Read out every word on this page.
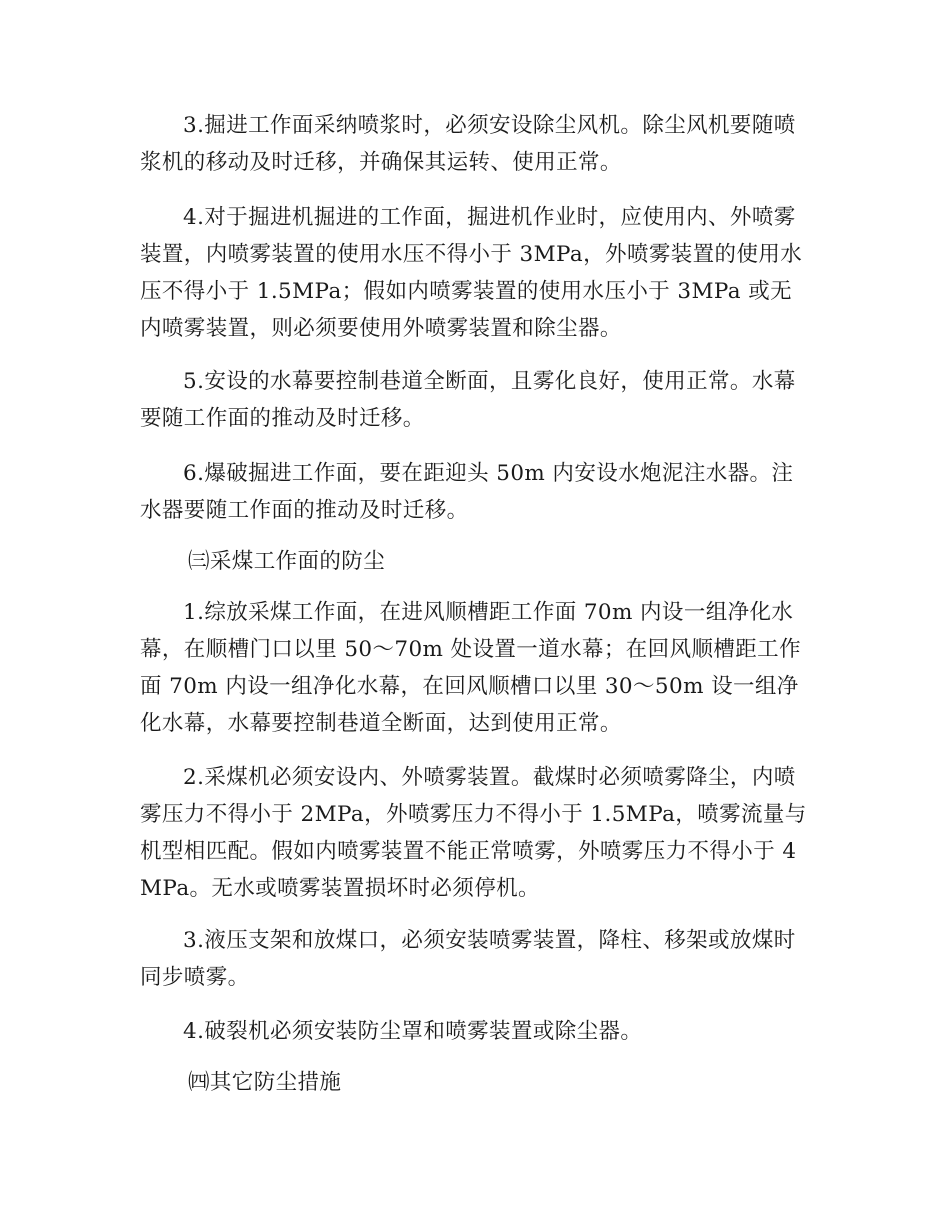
3.掘进工作面采纳喷浆时，必须安设除尘风机。除尘风机要随喷浆机的移动及时迁移，并确保其运转、使用正常。

4.对于掘进机掘进的工作面，掘进机作业时，应使用内、外喷雾装置，内喷雾装置的使用水压不得小于 3MPa，外喷雾装置的使用水压不得小于 1.5MPa；假如内喷雾装置的使用水压小于 3MPa 或无内喷雾装置，则必须要使用外喷雾装置和除尘器。

5.安设的水幕要控制巷道全断面，且雾化良好，使用正常。水幕要随工作面的推动及时迁移。

6.爆破掘进工作面，要在距迎头 50m 内安设水炮泥注水器。注水器要随工作面的推动及时迁移。

㈢采煤工作面的防尘

1.综放采煤工作面，在进风顺槽距工作面 70m 内设一组净化水幕，在顺槽门口以里 50～70m 处设置一道水幕；在回风顺槽距工作面 70m 内设一组净化水幕，在回风顺槽口以里 30～50m 设一组净化水幕，水幕要控制巷道全断面，达到使用正常。

2.采煤机必须安设内、外喷雾装置。截煤时必须喷雾降尘，内喷雾压力不得小于 2MPa，外喷雾压力不得小于 1.5MPa，喷雾流量与机型相匹配。假如内喷雾装置不能正常喷雾，外喷雾压力不得小于 4MPa。无水或喷雾装置损坏时必须停机。

3.液压支架和放煤口，必须安装喷雾装置，降柱、移架或放煤时同步喷雾。

4.破裂机必须安装防尘罩和喷雾装置或除尘器。

㈣其它防尘措施
